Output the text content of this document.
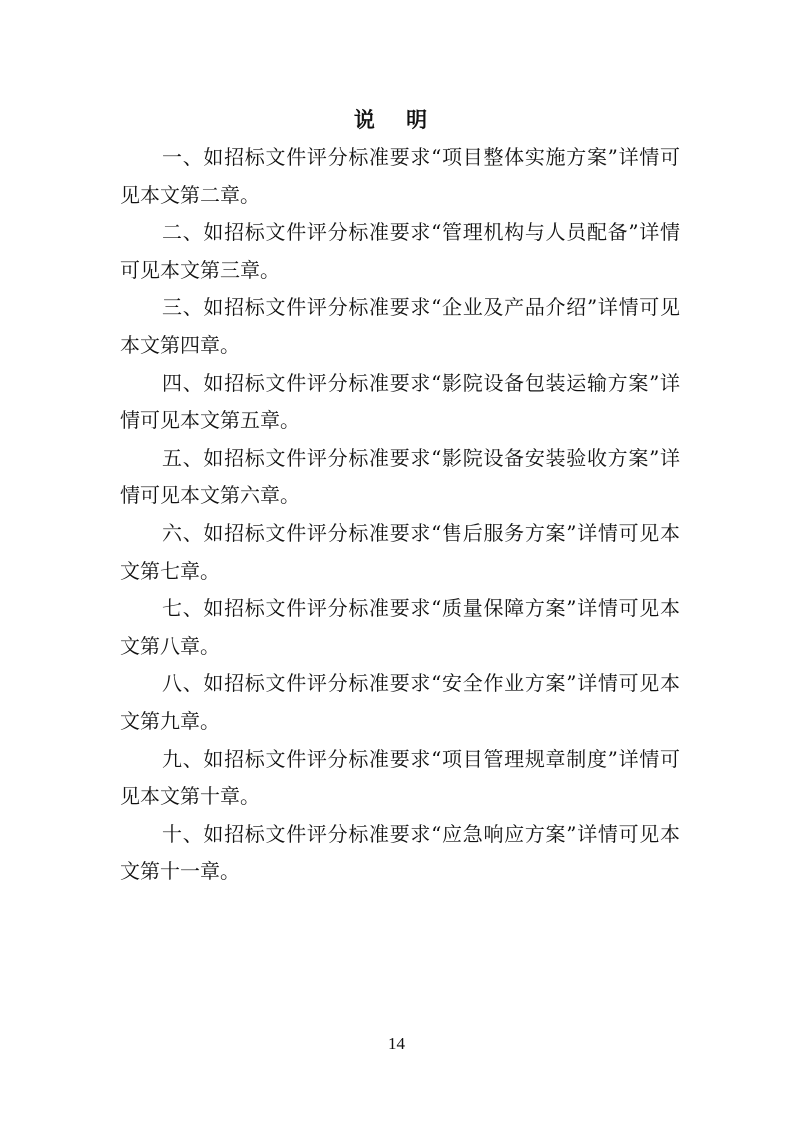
说 明

一、如招标文件评分标准要求“项目整体实施方案”详情可见本文第二章。

二、如招标文件评分标准要求“管理机构与人员配备”详情可见本文第三章。

三、如招标文件评分标准要求“企业及产品介绍”详情可见本文第四章。

四、如招标文件评分标准要求“影院设备包装运输方案”详情可见本文第五章。

五、如招标文件评分标准要求“影院设备安装验收方案”详情可见本文第六章。

六、如招标文件评分标准要求“售后服务方案”详情可见本文第七章。

七、如招标文件评分标准要求“质量保障方案”详情可见本文第八章。

八、如招标文件评分标准要求“安全作业方案”详情可见本文第九章。

九、如招标文件评分标准要求“项目管理规章制度”详情可见本文第十章。

十、如招标文件评分标准要求“应急响应方案”详情可见本文第十一章。

14
